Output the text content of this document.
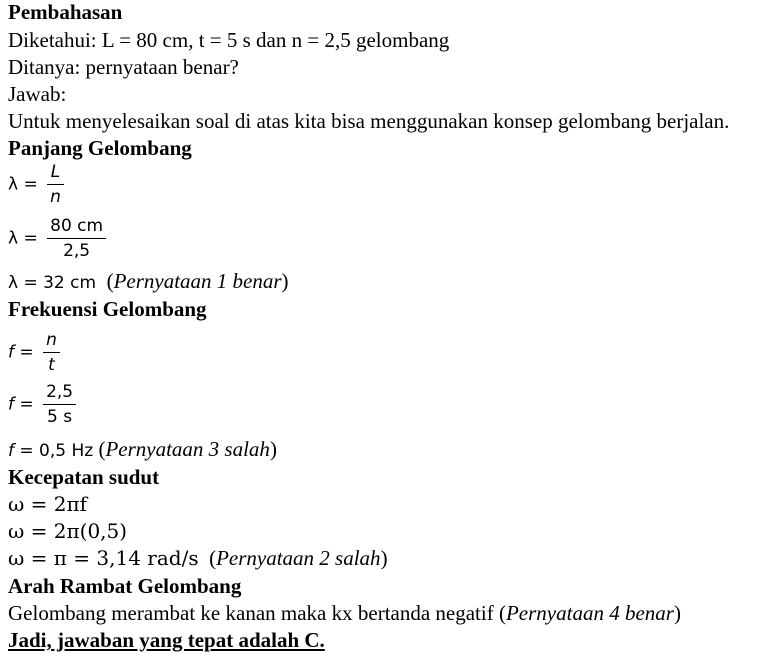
Pembahasan
Diketahui: L = 80 cm, t = 5 s dan n = 2,5 gelombang
Ditanya: pernyataan benar?
Jawab:
Untuk menyelesaikan soal di atas kita bisa menggunakan konsep gelombang berjalan.
Panjang Gelombang
$\lambda = \frac{L}{n}$
$\lambda = \frac{80 cm}{2,5}$
λ = 32 cm (Pernyataan 1 benar)
Frekuensi Gelombang
$f = \frac{n}{t}$
$f = \frac{2,5}{5 s}$
f = 0,5 Hz (Pernyataan 3 salah)
Kecepatan sudut
ω = 2πf
ω = 2π(0,5)
ω = π = 3,14 rad/s (Pernyataan 2 salah)
Arah Rambat Gelombang
Gelombang merambat ke kanan maka kx bertanda negatif (Pernyataan 4 benar)
Jadi, jawaban yang tepat adalah C.
